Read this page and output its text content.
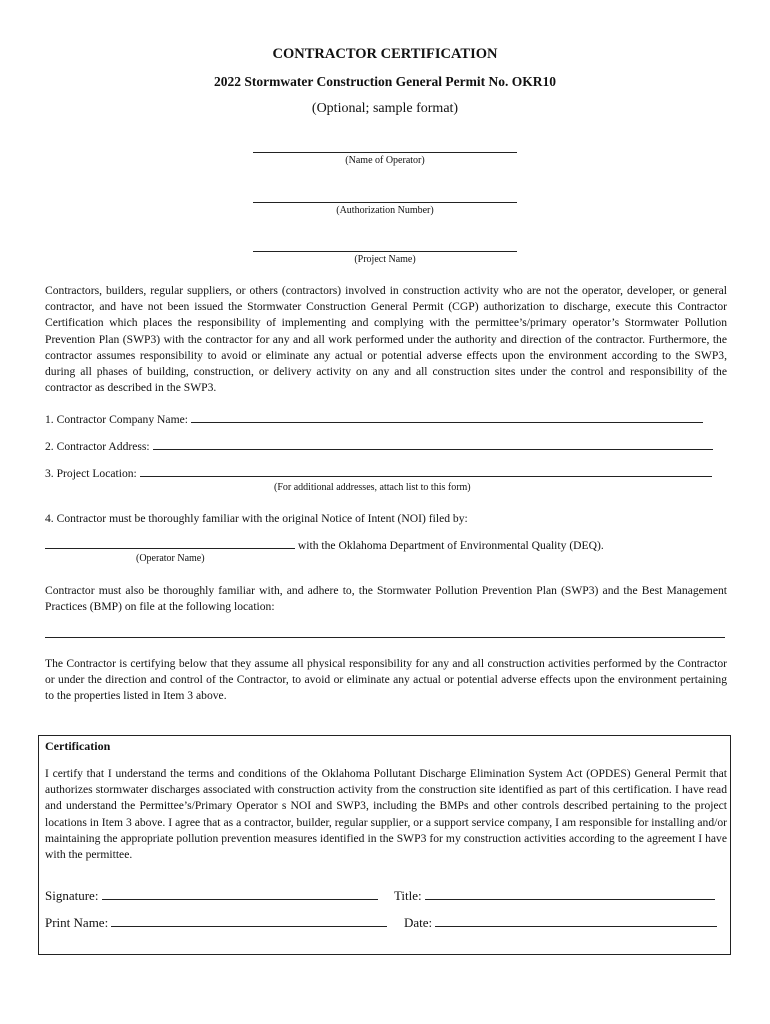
CONTRACTOR CERTIFICATION
2022 Stormwater Construction General Permit No. OKR10
(Optional; sample format)
(Name of Operator)
(Authorization Number)
(Project Name)
Contractors, builders, regular suppliers, or others (contractors) involved in construction activity who are not the operator, developer, or general contractor, and have not been issued the Stormwater Construction General Permit (CGP) authorization to discharge, execute this Contractor Certification which places the responsibility of implementing and complying with the permittee’s/primary operator’s Stormwater Pollution Prevention Plan (SWP3) with the contractor for any and all work performed under the authority and direction of the contractor. Furthermore, the contractor assumes responsibility to avoid or eliminate any actual or potential adverse effects upon the environment according to the SWP3, during all phases of building, construction, or delivery activity on any and all construction sites under the control and responsibility of the contractor as described in the SWP3.
1. Contractor Company Name:
2. Contractor Address:
3. Project Location:
(For additional addresses, attach list to this form)
4. Contractor must be thoroughly familiar with the original Notice of Intent (NOI) filed by:
with the Oklahoma Department of Environmental Quality (DEQ).
(Operator Name)
Contractor must also be thoroughly familiar with, and adhere to, the Stormwater Pollution Prevention Plan (SWP3) and the Best Management Practices (BMP) on file at the following location:
The Contractor is certifying below that they assume all physical responsibility for any and all construction activities performed by the Contractor or under the direction and control of the Contractor, to avoid or eliminate any actual or potential adverse effects upon the environment pertaining to the properties listed in Item 3 above.
Certification
I certify that I understand the terms and conditions of the Oklahoma Pollutant Discharge Elimination System Act (OPDES) General Permit that authorizes stormwater discharges associated with construction activity from the construction site identified as part of this certification. I have read and understand the Permittee’s/Primary Operator s NOI and SWP3, including the BMPs and other controls described pertaining to the project locations in Item 3 above. I agree that as a contractor, builder, regular supplier, or a support service company, I am responsible for installing and/or maintaining the appropriate pollution prevention measures identified in the SWP3 for my construction activities according to the agreement I have with the permittee.
Signature:	Title:
Print Name:	Date:
